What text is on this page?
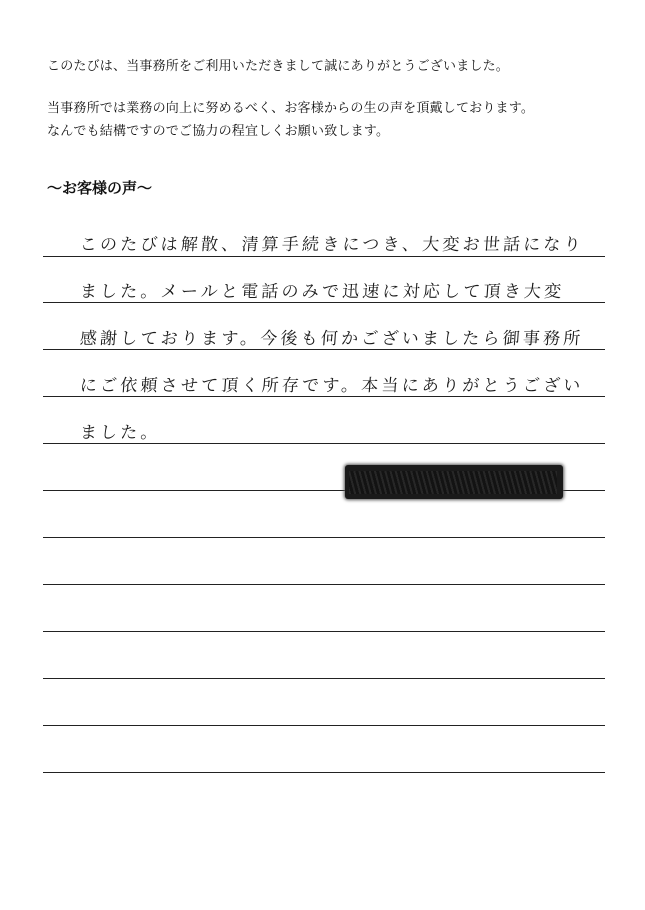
このたびは、当事務所をご利用いただきまして誠にありがとうございました。
当事務所では業務の向上に努めるべく、お客様からの生の声を頂戴しております。
なんでも結構ですのでご協力の程宜しくお願い致します。
～お客様の声～
このたびは解散、清算手続きにつき、大変お世話になり
ました。メールと電話のみで迅速に対応して頂き大変
感謝しております。今後も何かございましたら御事務所
にご依頼させて頂く所存です。本当にありがとうござい
ました。
